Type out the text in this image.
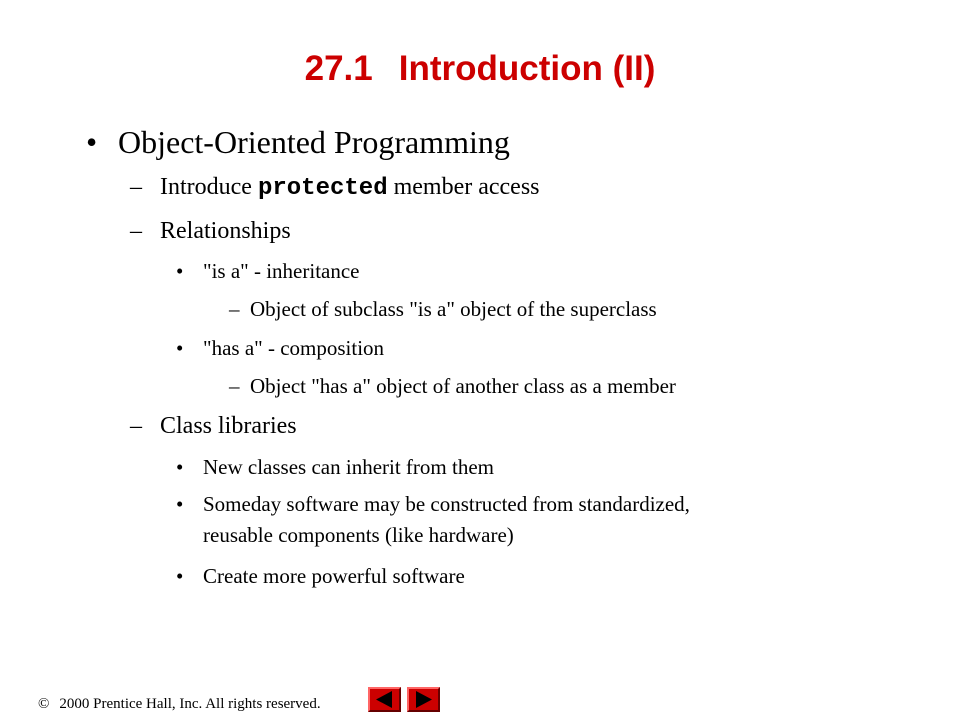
27.1 Introduction (II)
• Object-Oriented Programming
– Introduce protected member access
– Relationships
• "is a" - inheritance
– Object of subclass "is a" object of the superclass
• "has a" - composition
– Object "has a" object of another class as a member
– Class libraries
• New classes can inherit from them
• Someday software may be constructed from standardized,
reusable components (like hardware)
• Create more powerful software
© 2000 Prentice Hall, Inc. All rights reserved.
